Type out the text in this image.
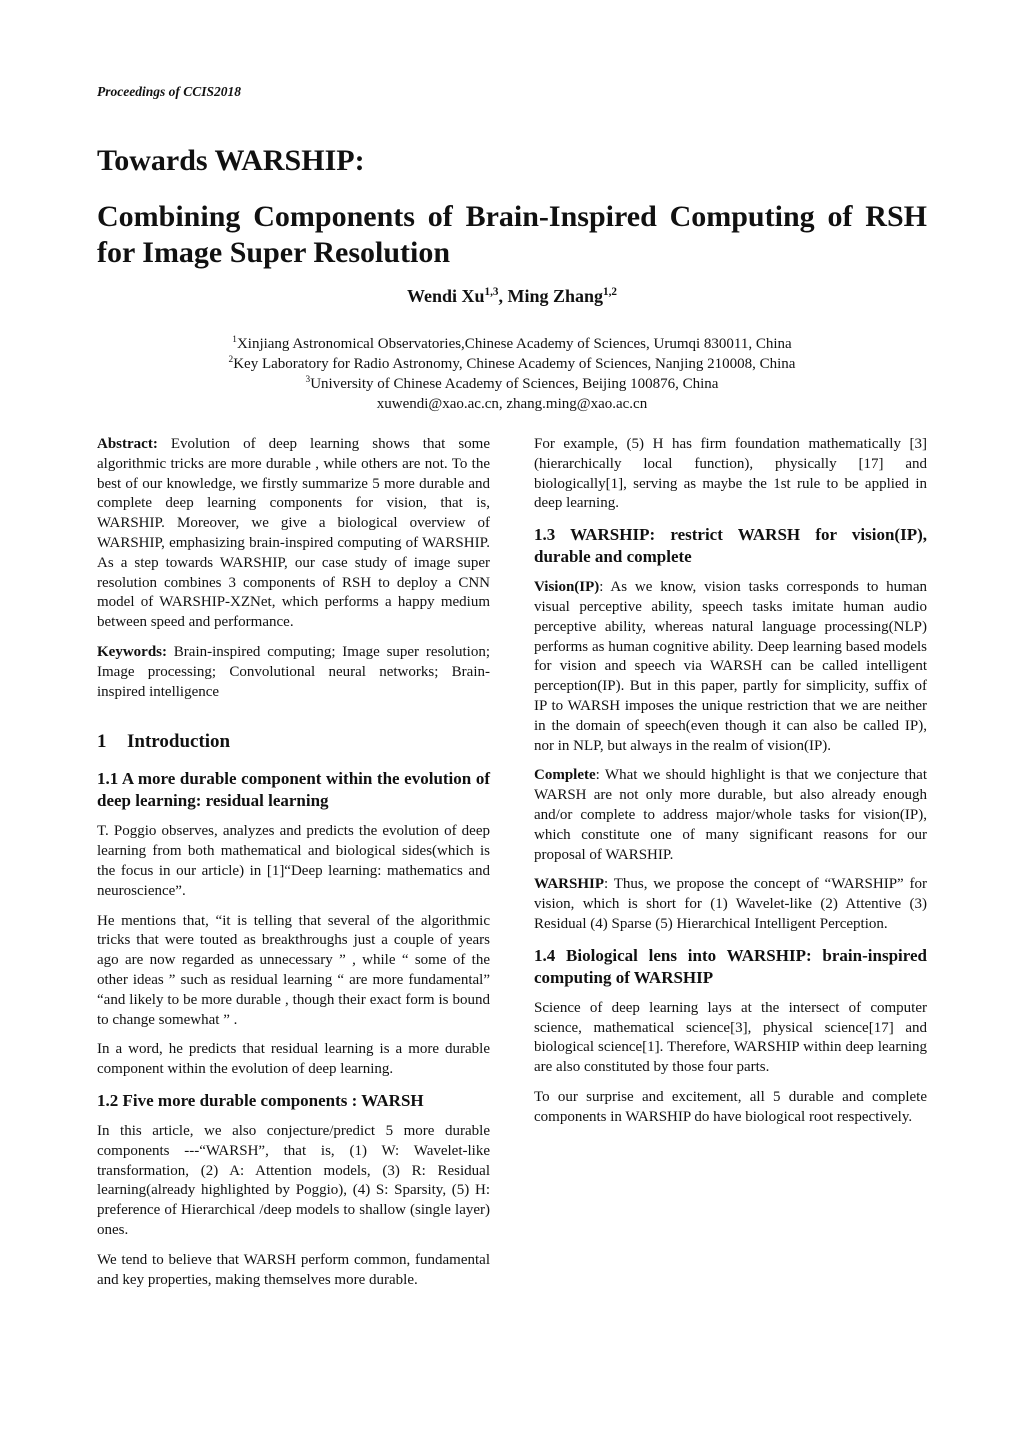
Proceedings of CCIS2018
Towards WARSHIP:
Combining Components of Brain-Inspired Computing of RSH for Image Super Resolution
Wendi Xu$^{1,3}$, Ming Zhang$^{1,2}$
$^1$Xinjiang Astronomical Observatories,Chinese Academy of Sciences, Urumqi 830011, China
$^2$Key Laboratory for Radio Astronomy, Chinese Academy of Sciences, Nanjing 210008, China
$^3$University of Chinese Academy of Sciences, Beijing 100876, China
xuwendi@xao.ac.cn, zhang.ming@xao.ac.cn

Abstract: Evolution of deep learning shows that some algorithmic tricks are more durable , while others are not. To the best of our knowledge, we firstly summarize 5 more durable and complete deep learning components for vision, that is, WARSHIP. Moreover, we give a biological overview of WARSHIP, emphasizing brain-inspired computing of WARSHIP. As a step towards WARSHIP, our case study of image super resolution combines 3 components of RSH to deploy a CNN model of WARSHIP-XZNet, which performs a happy medium between speed and performance.

Keywords: Brain-inspired computing; Image super resolution; Image processing; Convolutional neural networks; Brain-inspired intelligence

1 Introduction
1.1 A more durable component within the evolution of deep learning: residual learning

T. Poggio observes, analyzes and predicts the evolution of deep learning from both mathematical and biological sides(which is the focus in our article) in [1]“Deep learning: mathematics and neuroscience”.

He mentions that, “it is telling that several of the algorithmic tricks that were touted as breakthroughs just a couple of years ago are now regarded as unnecessary ” , while “ some of the other ideas ” such as residual learning “ are more fundamental” “and likely to be more durable , though their exact form is bound to change somewhat ” .

In a word, he predicts that residual learning is a more durable component within the evolution of deep learning.

1.2 Five more durable components : WARSH

In this article, we also conjecture/predict 5 more durable components ---“WARSH”, that is, (1) W: Wavelet-like transformation, (2) A: Attention models, (3) R: Residual learning(already highlighted by Poggio), (4) S: Sparsity, (5) H: preference of Hierarchical /deep models to shallow (single layer) ones.

We tend to believe that WARSH perform common, fundamental and key properties, making themselves more durable.

For example, (5) H has firm foundation mathematically [3](hierarchically local function), physically [17] and biologically[1], serving as maybe the 1st rule to be applied in deep learning.

1.3 WARSHIP: restrict WARSH for vision(IP), durable and complete

Vision(IP): As we know, vision tasks corresponds to human visual perceptive ability, speech tasks imitate human audio perceptive ability, whereas natural language processing(NLP) performs as human cognitive ability. Deep learning based models for vision and speech via WARSH can be called intelligent perception(IP). But in this paper, partly for simplicity, suffix of IP to WARSH imposes the unique restriction that we are neither in the domain of speech(even though it can also be called IP), nor in NLP, but always in the realm of vision(IP).

Complete: What we should highlight is that we conjecture that WARSH are not only more durable, but also already enough and/or complete to address major/whole tasks for vision(IP), which constitute one of many significant reasons for our proposal of WARSHIP.

WARSHIP: Thus, we propose the concept of “WARSHIP” for vision, which is short for (1) Wavelet-like (2) Attentive (3) Residual (4) Sparse (5) Hierarchical Intelligent Perception.

1.4 Biological lens into WARSHIP: brain-inspired computing of WARSHIP

Science of deep learning lays at the intersect of computer science, mathematical science[3], physical science[17] and biological science[1]. Therefore, WARSHIP within deep learning are also constituted by those four parts.

To our surprise and excitement, all 5 durable and complete components in WARSHIP do have biological root respectively.
